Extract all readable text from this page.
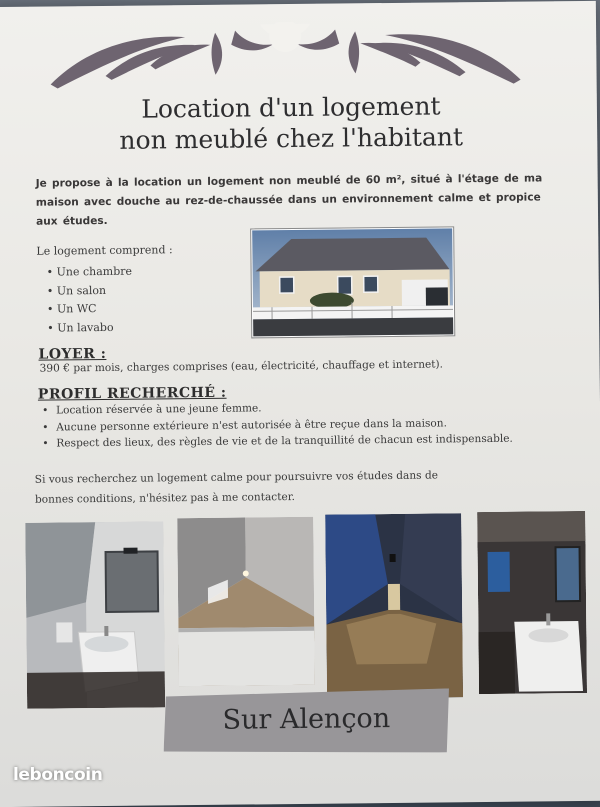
Location d'un logement
non meublé chez l'habitant
Je propose à la location un logement non meublé de 60 m², situé à l'étage de ma
maison avec douche au rez-de-chaussée dans un environnement calme et propice
aux études.
Le logement comprend :
• Une chambre
• Un salon
• Un WC
• Un lavabo
LOYER :
390 € par mois, charges comprises (eau, électricité, chauffage et internet).
PROFIL RECHERCHÉ :
• Location réservée à une jeune femme.
• Aucune personne extérieure n'est autorisée à être reçue dans la maison.
• Respect des lieux, des règles de vie et de la tranquillité de chacun est indispensable.
Si vous recherchez un logement calme pour poursuivre vos études dans de
bonnes conditions, n'hésitez pas à me contacter.
Sur Alençon
leboncoin
